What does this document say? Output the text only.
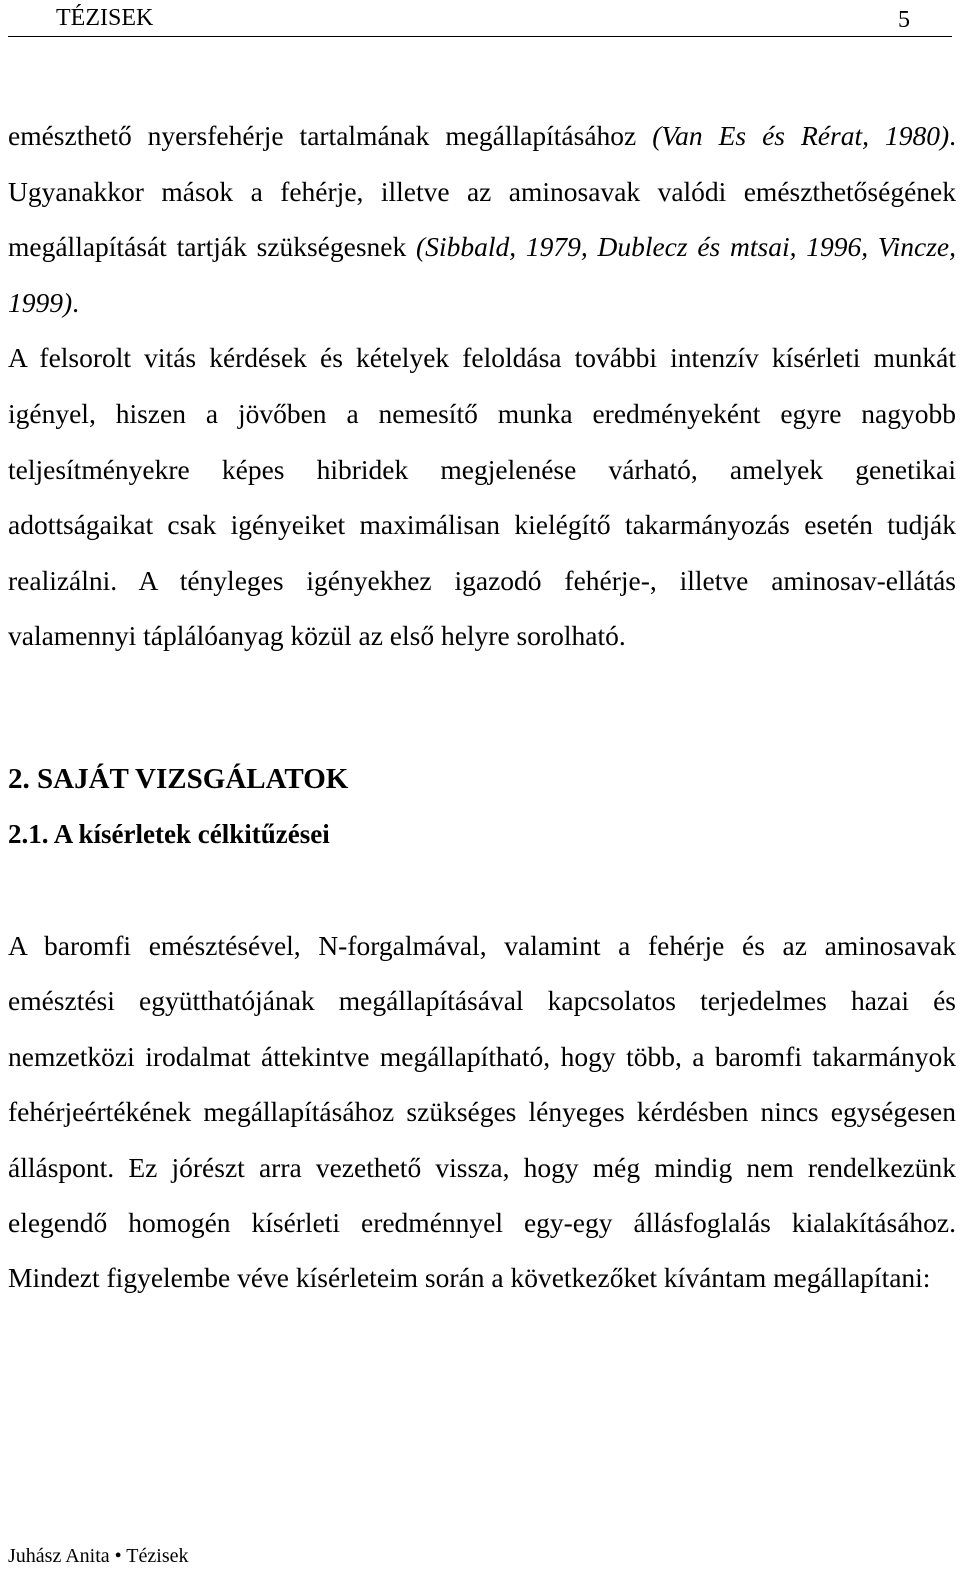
TÉZISEK	5

emészthető nyersfehérje tartalmának megállapításához (Van Es és Rérat, 1980). Ugyanakkor mások a fehérje, illetve az aminosavak valódi emészthetőségének megállapítását tartják szükségesnek (Sibbald, 1979, Dublecz és mtsai, 1996, Vincze, 1999).
A felsorolt vitás kérdések és kételyek feloldása további intenzív kísérleti munkát igényel, hiszen a jövőben a nemesítő munka eredményeként egyre nagyobb teljesítményekre képes hibridek megjelenése várható, amelyek genetikai adottságaikat csak igényeiket maximálisan kielégítő takarmányozás esetén tudják realizálni. A tényleges igényekhez igazodó fehérje-, illetve aminosav-ellátás valamennyi táplálóanyag közül az első helyre sorolható.

2. SAJÁT VIZSGÁLATOK
2.1. A kísérletek célkitűzései

A baromfi emésztésével, N-forgalmával, valamint a fehérje és az aminosavak emésztési együtthatójának megállapításával kapcsolatos terjedelmes hazai és nemzetközi irodalmat áttekintve megállapítható, hogy több, a baromfi takarmányok fehérjeértékének megállapításához szükséges lényeges kérdésben nincs egységesen álláspont. Ez jórészt arra vezethető vissza, hogy még mindig nem rendelkezünk elegendő homogén kísérleti eredménnyel egy-egy állásfoglalás kialakításához. Mindezt figyelembe véve kísérleteim során a következőket kívántam megállapítani:

Juhász Anita • Tézisek
